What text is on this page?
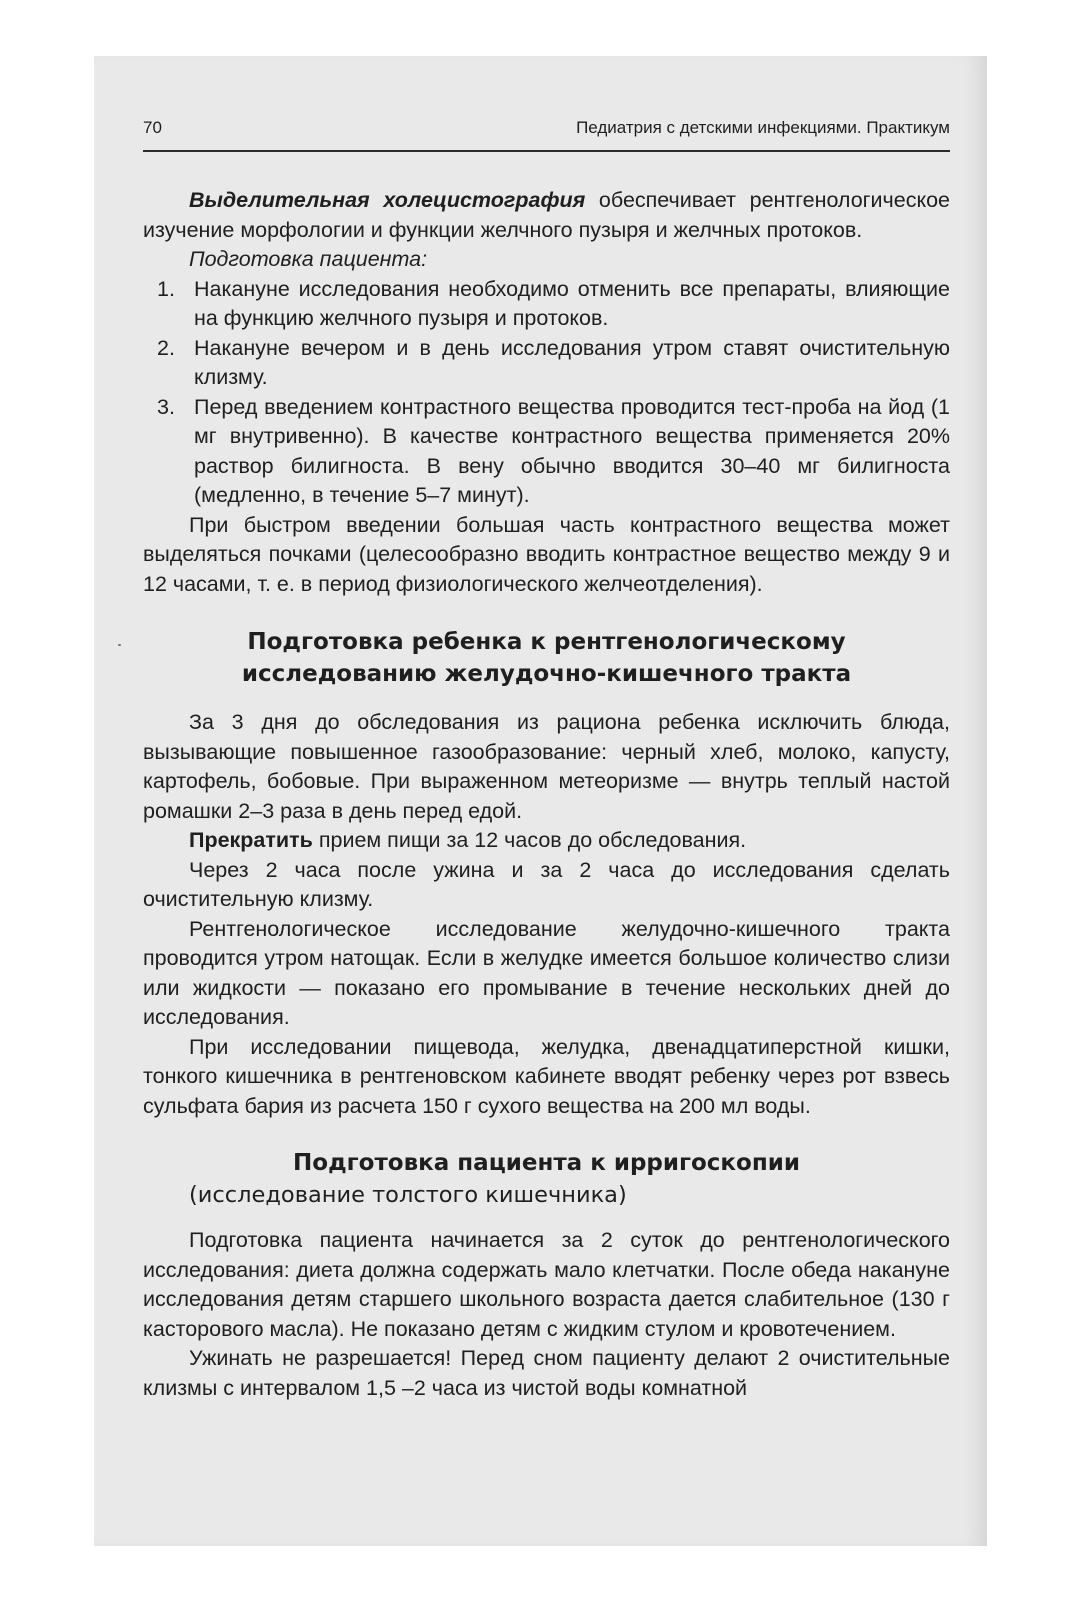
70	Педиатрия с детскими инфекциями. Практикум

Выделительная холецистография обеспечивает рентгенологическое изучение морфологии и функции желчного пузыря и желчных протоков.

Подготовка пациента:

1. Накануне исследования необходимо отменить все препараты, влияющие на функцию желчного пузыря и протоков.
2. Накануне вечером и в день исследования утром ставят очистительную клизму.
3. Перед введением контрастного вещества проводится тест-проба на йод (1 мг внутривенно). В качестве контрастного вещества применяется 20% раствор билигноста. В вену обычно вводится 30–40 мг билигноста (медленно, в течение 5–7 минут).

При быстром введении большая часть контрастного вещества может выделяться почками (целесообразно вводить контрастное вещество между 9 и 12 часами, т. е. в период физиологического желчеотделения).

Подготовка ребенка к рентгенологическому
исследованию желудочно-кишечного тракта

За 3 дня до обследования из рациона ребенка исключить блюда, вызывающие повышенное газообразование: черный хлеб, молоко, капусту, картофель, бобовые. При выраженном метеоризме — внутрь теплый настой ромашки 2–3 раза в день перед едой.

Прекратить прием пищи за 12 часов до обследования.

Через 2 часа после ужина и за 2 часа до исследования сделать очистительную клизму.

Рентгенологическое исследование желудочно-кишечного тракта проводится утром натощак. Если в желудке имеется большое количество слизи или жидкости — показано его промывание в течение нескольких дней до исследования.

При исследовании пищевода, желудка, двенадцатиперстной кишки, тонкого кишечника в рентгеновском кабинете вводят ребенку через рот взвесь сульфата бария из расчета 150 г сухого вещества на 200 мл воды.

Подготовка пациента к ирригоскопии

(исследование толстого кишечника)

Подготовка пациента начинается за 2 суток до рентгенологического исследования: диета должна содержать мало клетчатки. После обеда накануне исследования детям старшего школьного возраста дается слабительное (130 г касторового масла). Не показано детям с жидким стулом и кровотечением.

Ужинать не разрешается! Перед сном пациенту делают 2 очистительные клизмы с интервалом 1,5 –2 часа из чистой воды комнатной
